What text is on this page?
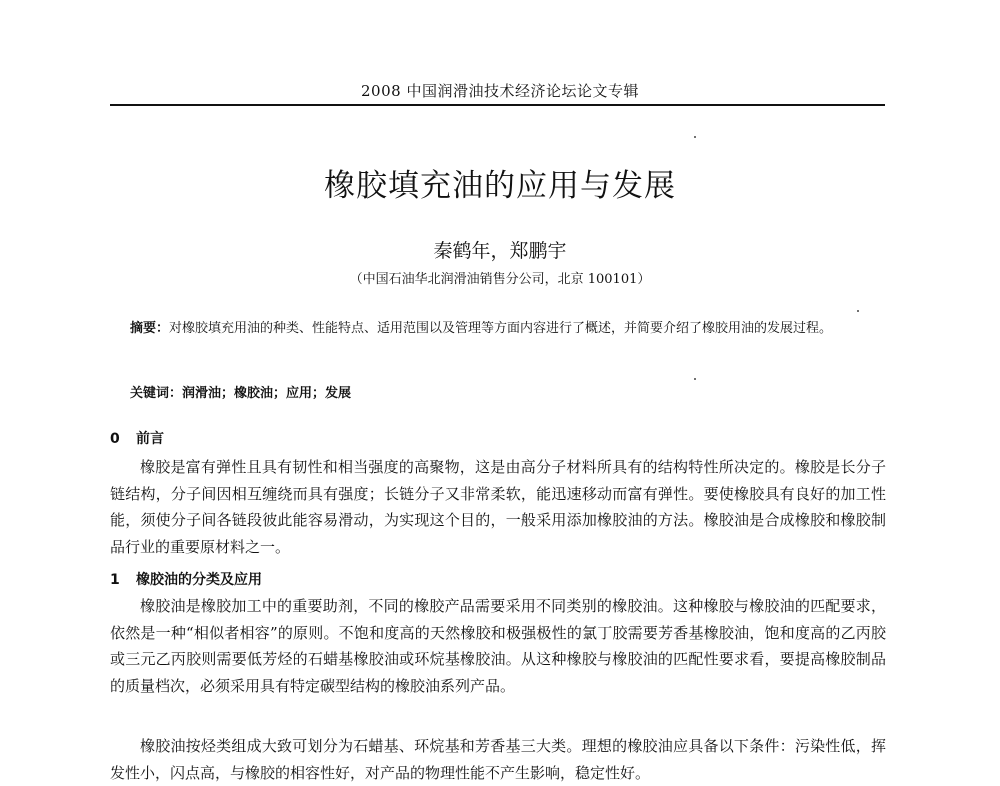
2008 中国润滑油技术经济论坛论文专辑
橡胶填充油的应用与发展
秦鹤年，郑鹏宇
（中国石油华北润滑油销售分公司，北京 100101）
摘要：对橡胶填充用油的种类、性能特点、适用范围以及管理等方面内容进行了概述，并简要介绍了橡胶用油的发展过程。
关键词：润滑油；橡胶油；应用；发展
0 前言
橡胶是富有弹性且具有韧性和相当强度的高聚物，这是由高分子材料所具有的结构特性所决定的。橡胶是长分子链结构，分子间因相互缠绕而具有强度；长链分子又非常柔软，能迅速移动而富有弹性。要使橡胶具有良好的加工性能，须使分子间各链段彼此能容易滑动，为实现这个目的，一般采用添加橡胶油的方法。橡胶油是合成橡胶和橡胶制品行业的重要原材料之一。
1 橡胶油的分类及应用
橡胶油是橡胶加工中的重要助剂，不同的橡胶产品需要采用不同类别的橡胶油。这种橡胶与橡胶油的匹配要求，依然是一种“相似者相容”的原则。不饱和度高的天然橡胶和极强极性的氯丁胶需要芳香基橡胶油，饱和度高的乙丙胶或三元乙丙胶则需要低芳烃的石蜡基橡胶油或环烷基橡胶油。从这种橡胶与橡胶油的匹配性要求看，要提高橡胶制品的质量档次，必须采用具有特定碳型结构的橡胶油系列产品。
橡胶油按烃类组成大致可划分为石蜡基、环烷基和芳香基三大类。理想的橡胶油应具备以下条件：污染性低，挥发性小，闪点高，与橡胶的相容性好，对产品的物理性能不产生影响，稳定性好。
